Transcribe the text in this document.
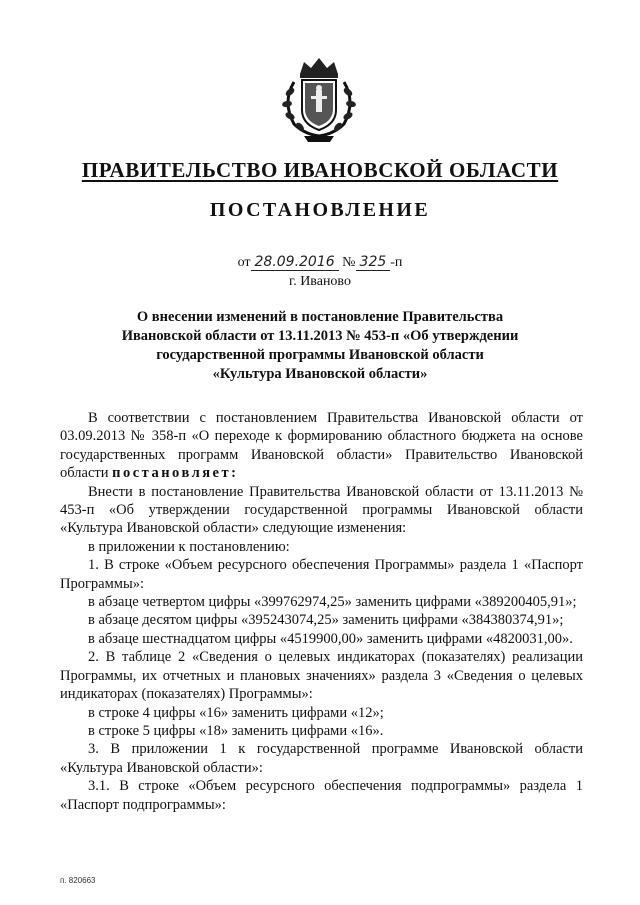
ПРАВИТЕЛЬСТВО ИВАНОВСКОЙ ОБЛАСТИ
ПОСТАНОВЛЕНИЕ
от 28.09.2016 № 325 -п
г. Иваново
О внесении изменений в постановление Правительства
Ивановской области от 13.11.2013 № 453-п «Об утверждении
государственной программы Ивановской области
«Культура Ивановской области»

В соответствии с постановлением Правительства Ивановской области от 03.09.2013 № 358-п «О переходе к формированию областного бюджета на основе государственных программ Ивановской области» Правительство Ивановской области постановляет:

Внести в постановление Правительства Ивановской области от 13.11.2013 № 453-п «Об утверждении государственной программы Ивановской области «Культура Ивановской области» следующие изменения:

в приложении к постановлению:

1. В строке «Объем ресурсного обеспечения Программы» раздела 1 «Паспорт Программы»:

в абзаце четвертом цифры «399762974,25» заменить цифрами «389200405,91»;

в абзаце десятом цифры «395243074,25» заменить цифрами «384380374,91»;

в абзаце шестнадцатом цифры «4519900,00» заменить цифрами «4820031,00».

2. В таблице 2 «Сведения о целевых индикаторах (показателях) реализации Программы, их отчетных и плановых значениях» раздела 3 «Сведения о целевых индикаторах (показателях) Программы»:

в строке 4 цифры «16» заменить цифрами «12»;

в строке 5 цифры «18» заменить цифрами «16».

3. В приложении 1 к государственной программе Ивановской области «Культура Ивановской области»:

3.1. В строке «Объем ресурсного обеспечения подпрограммы» раздела 1 «Паспорт подпрограммы»:

п. 820663
